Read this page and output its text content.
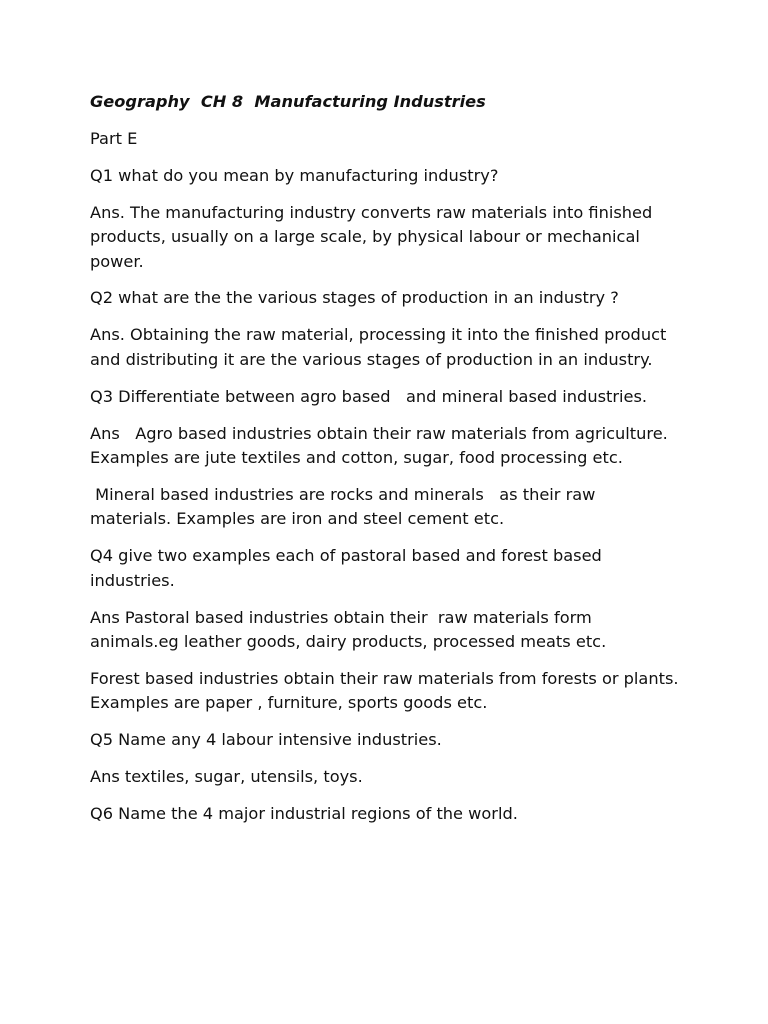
Geography  CH 8  Manufacturing Industries
Part E
Q1 what do you mean by manufacturing industry?
Ans. The manufacturing industry converts raw materials into finished products, usually on a large scale, by physical labour or mechanical power.
Q2 what are the the various stages of production in an industry ?
Ans. Obtaining the raw material, processing it into the finished product and distributing it are the various stages of production in an industry.
Q3 Differentiate between agro based   and mineral based industries.
Ans   Agro based industries obtain their raw materials from agriculture. Examples are jute textiles and cotton, sugar, food processing etc.
Mineral based industries are rocks and minerals   as their raw materials. Examples are iron and steel cement etc.
Q4 give two examples each of pastoral based and forest based industries.
Ans Pastoral based industries obtain their  raw materials form animals.eg leather goods, dairy products, processed meats etc.
Forest based industries obtain their raw materials from forests or plants. Examples are paper , furniture, sports goods etc.
Q5 Name any 4 labour intensive industries.
Ans textiles, sugar, utensils, toys.
Q6 Name the 4 major industrial regions of the world.
